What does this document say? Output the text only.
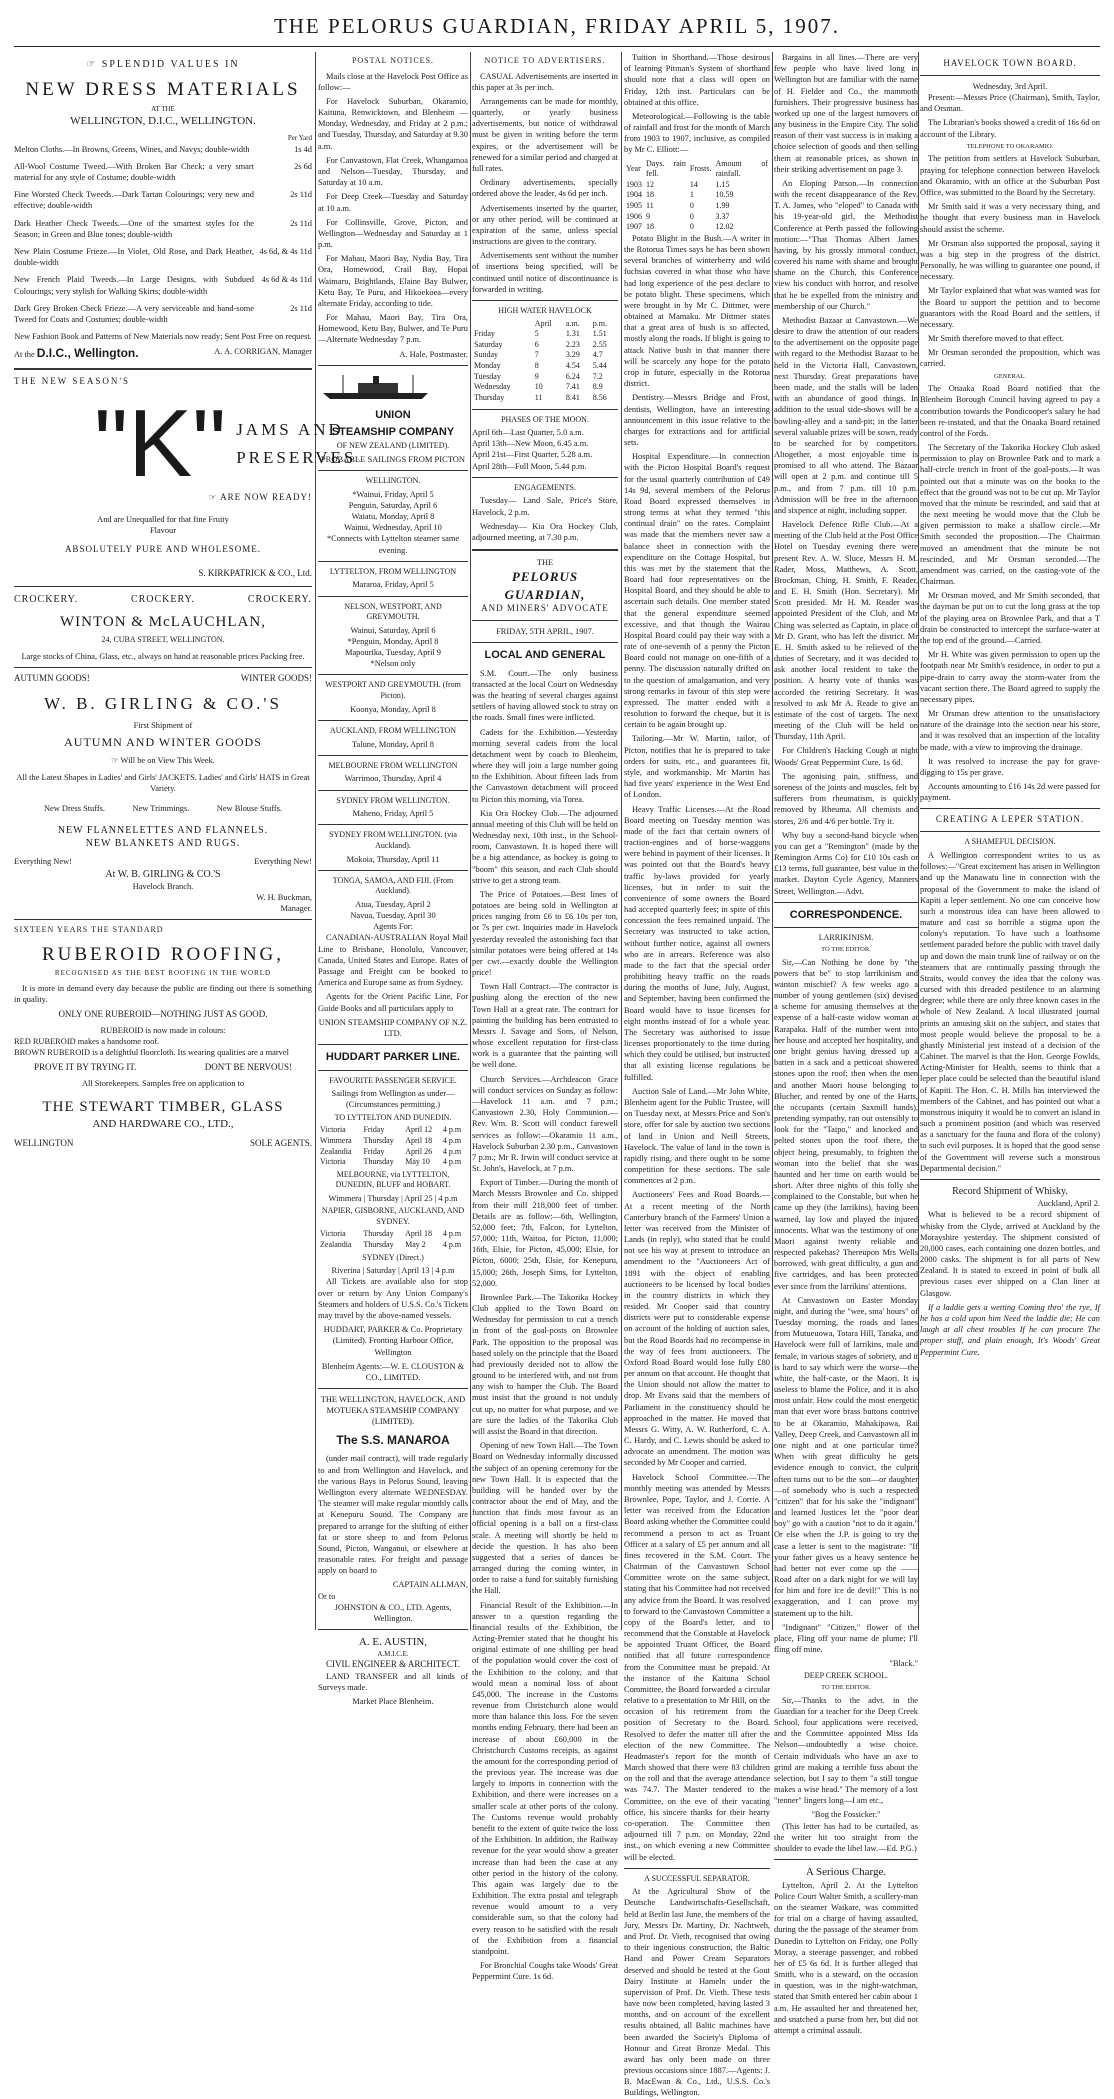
THE PELORUS GUARDIAN, FRIDAY APRIL 5, 1907.
☞ SPLENDID VALUES IN
NEW DRESS MATERIALS
AT THE
WELLINGTON, D.I.C., WELLINGTON.
Per Yard
Melton Cloths.—In Browns, Greens, Wines, and Navys; double-width	1s 4d
All-Wool Costume Tweed.—With Broken Bar Check; a very smart material for any style of Costume; double-width
2s 6d
Fine Worsted Check Tweeds.—Dark Tartan Colourings; very new and effective; double-width
2s 11d
Dark Heather Check Tweeds.—One of the smartest styles for the Season; in Green and Blue tones; double-width
2s 11d
New Plain Costume Frieze.—In Violet, Old Rose, and Dark Heather, double-width
4s 6d, & 4s 11d
New French Plaid Tweeds.—In Large Designs, with Subdued Colourings; very stylish for Walking Skirts; double-width
4s 6d & 4s 11d
Dark Grey Broken Check Frieze.—A very serviceable and hand-some Tweed for Coats and Costumes; double-width
2s 11d
New Fashion Book and Patterns of New Materials now ready; Sent Post Free on request.
At the D.I.C., Wellington.	A. A. CORRIGAN, Manager
THE NEW SEASON'S
"K" JAMS AND
PRESERVES
☞ ARE NOW READY!
And are Unequalled for that fine Fruity Flavour
ABSOLUTELY PURE AND WHOLESOME.
S. KIRKPATRICK & CO., Ltd.
CROCKERY.	CROCKERY.	CROCKERY.
WINTON & McLAUCHLAN,
24, CUBA STREET, WELLINGTON.
Large stocks of China, Glass, etc., always on hand at reasonable prices Packing free.
AUTUMN GOODS!	WINTER GOODS!
W. B. GIRLING & CO.'S
First Shipment of
AUTUMN AND WINTER GOODS
☞ Will be on View This Week.
All the Latest Shapes in Ladies' and Girls' JACKETS. Ladies' and Girls' HATS in Great Variety.
New Dress Stuffs.	New Trimmings.	New Blouse Stuffs.
NEW FLANNELETTES AND FLANNELS.
NEW BLANKETS AND RUGS.
Everything New!	Everything New!
At W. B. GIRLING & CO.'S
Havelock Branch.
W. H. Buckman,
Manager.
SIXTEEN YEARS THE STANDARD
RUBEROID ROOFING,
RECOGNISED AS THE BEST ROOFING IN THE WORLD

It is more in demand every day because the public are finding out there is something in quality.

ONLY ONE RUBEROID—NOTHING JUST AS GOOD.
RUBEROID is now made in colours:
RED RUBEROID makes a handsome roof.
BROWN RUBEROID is a delightful floorcloth. Its wearing qualities are a marvel
PROVE IT BY TRYING IT.	DON'T BE NERVOUS!
All Storekeepers. Samples free on application to
THE STEWART TIMBER, GLASS
AND HARDWARE CO., LTD.,
WELLINGTON	SOLE AGENTS.
POSTAL NOTICES.

Mails close at the Havelock Post Office as follow:—

For Havelock Suburban, Okaramio, Kaituna, Renwicktown, and Blenheim —Monday, Wednesday, and Friday at 2 p.m.; and Tuesday, Thursday, and Saturday at 9.30 a.m.

For Canvastown, Flat Creek, Whangamoa and Nelson—Tuesday, Thursday, and Saturday at 10 a.m.

For Deep Creek—Tuesday and Saturday at 10 a.m.

For Collinsville, Grove, Picton, and Wellington—Wednesday and Saturday at 1 p.m.

For Mahau, Maori Bay, Nydia Bay, Tira Ora, Homewood, Crail Bay, Hopai Waimaru, Brightlands, Elaine Bay Bulwer, Ketu Bay, Te Puru, and Hikoekoea—every alternate Friday, according to tide.

For Mahau, Maori Bay, Tira Ora, Homewood, Ketu Bay, Bulwer, and Te Puru—Alternate Wednesday 7 p.m.

A. Hale, Postmaster.
UNION
STEAMSHIP COMPANY
OF NEW ZEALAND (LIMITED).
PROBABLE SAILINGS FROM PICTON
WELLINGTON.
*Wainui, Friday, April 5
Penguin, Saturday, April 6
Waiatu, Monday, April 8
Wainui, Wednesday, April 10
*Connects with Lyttelton steamer same evening.
LYTTELTON, FROM WELLINGTON
Mararoa, Friday, April 5
NELSON, WESTPORT, AND GREYMOUTH.
Wainui, Saturday, April 6
*Penguin, Monday, April 8
Mapourika, Tuesday, April 9
*Nelson only
WESTPORT AND GREYMOUTH. (from Picton).
Koonya, Monday, April 8
AUCKLAND, FROM WELLINGTON
Talune, Monday, April 8
MELBOURNE FROM WELLINGTON
Warrimoo, Thursday, April 4
SYDNEY FROM WELLINGTON.
Maheno, Friday, April 5
SYDNEY FROM WELLINGTON. (via Auckland).
Mokoia, Thursday, April 11
TONGA, SAMOA, AND FIJI. (From Auckland).
Atua, Tuesday, April 2
Navua, Tuesday, April 30
Agents For:

CANADIAN-AUSTRALIAN Royal Mail Line to Brisbane, Honolulu, Vancouver, Canada, United States and Europe. Rates of Passage and Freight can be booked to America and Europe same as from Sydney.

Agents for the Orient Pacific Line, For Guide Books and all particulars apply to

UNION STEAMSHIP COMPANY OF N.Z. LTD.
HUDDART PARKER LINE.
FAVOURITE PASSENGER SERVICE.
Sailings from Wellington as under—(Circumstances permitting.)
TO LYTTELTON AND DUNEDIN.
Victoria	Friday	April 12	4 p.m
Wimmera	Thursday	April 18	4 p.m
Zealandia	Friday	April 26	4 p.m
Victoria	Thursday	May 10	4 p.m
MELBOURNE, via LYTTELTON, DUNEDIN, BLUFF and HOBART.
Wimmera | Thursday | April 25 | 4 p.m
NAPIER, GISBORNE, AUCKLAND, AND SYDNEY.
Victoria	Thursday	April 18	4 p.m
Zealandia	Thursday	May 2	4 p.m
SYDNEY (Direct.)
Riverina | Saturday | April 13 | 4 p.m

All Tickets are available also for stop over or return by Any Union Company's Steamers and holders of U.S.S. Co.'s Tickets may travel by the above-named vessels.

HUDDART, PARKER & Co. Proprietary (Limited). Fronting Harbour Office, Wellington
Blenheim Agents:—W. E. CLOUSTON & CO., LIMITED.
THE WELLINGTON, HAVELOCK, AND MOTUEKA STEAMSHIP COMPANY (LIMITED).
The S.S. MANAROA

(under mail contract), will trade regularly to and from Wellington and Havelock, and the various Bays in Pelorus Sound, leaving Wellington every alternate WEDNESDAY. The steamer will make regular monthly calls at Kenepuru Sound. The Company are prepared to arrange for the shifting of either fat or store sheep to and from Pelorus Sound, Picton, Wanganui, or elsewhere at reasonable rates. For freight and passage apply on board to

CAPTAIN ALLMAN,
Or to
JOHNSTON & CO., LTD. Agents, Wellington.
A. E. AUSTIN,
A.M.I.C.E.
CIVIL ENGINEER & ARCHITECT.

LAND TRANSFER and all kinds of Surveys made.

Market Place Blenheim.
NOTICE TO ADVERTISERS.

CASUAL Advertisements are inserted in this paper at 3s per inch.

Arrangements can be made for monthly, quarterly, or yearly business advertisements, but notice of withdrawal must be given in writing before the term expires, or the advertisement will be renewed for a similar period and charged at full rates.

Ordinary advertisements, specially ordered above the leader, 4s 6d per inch.

Advertisements inserted by the quarter, or any other period, will be continued at expiration of the same, unless special instructions are given to the contrary.

Advertisements sent without the number of insertions being specified, will be continued until notice of discontinuance is forwarded in writing.

HIGH WATER HAVELOCK
	April	a.m.	p.m.
Friday	5	1.31	1.51
Saturday	6	2.23	2.55
Sunday	7	3.29	4.7
Monday	8	4.54	5.44
Tuesday	9	6.24	7.2
Wednesday	10	7.41	8.9
Thursday	11	8.41	8.56
PHASES OF THE MOON.
April 6th—Last Quarter, 5.0 a.m.
April 13th—New Moon, 6.45 a.m.
April 21st—First Quarter, 5.28 a.m.
April 28th—Full Moon, 5.44 p.m.
ENGAGEMENTS.

Tuesday— Land Sale, Price's Store, Havelock, 2 p.m.

Wednesday— Kia Ora Hockey Club, adjourned meeting, at 7.30 p.m.

THE
PELORUS GUARDIAN,
AND MINERS' ADVOCATE
FRIDAY, 5TH APRIL, 1907.
LOCAL AND GENERAL

S.M. Court.—The only business transacted at the local Court on Wednesday was the hearing of several charges against settlers of having allowed stock to stray on the roads. Small fines were inflicted.

Cadets for the Exhibition.—Yesterday morning several cadets from the local detachment went by coach to Blenheim, where they will join a large number going to the Exhibition. About fifteen lads from the Canvastown detachment will proceed to Picton this morning, via Torea.

Kia Ora Hockey Club.—The adjourned annual meeting of this Club will be held on Wednesday next, 10th inst., in the School-room, Canvastown. It is hoped there will be a big attendance, as hockey is going to "boom" this season, and each Club should strive to get a strong team.

The Price of Potatoes.—Best lines of potatoes are being sold in Wellington at prices ranging from £6 to £6 10s per ton, or 7s per cwt. Inquiries made in Havelock yesterday revealed the astonishing fact that similar potatoes were being offered at 14s per cwt.—exactly double the Wellington price!

Town Hall Contract.—The contractor is pushing along the erection of the new Town Hall at a great rate. The contract for painting the building has been entrusted to Messrs J. Savage and Sons, of Nelson, whose excellent reputation for first-class work is a guarantee that the painting will be well done.

Church Services.—Archdeacon Grace will conduct services on Sunday as follow:—Havelock 11 a.m. and 7 p.m.; Canvastown 2.30, Holy Communion.—Rev. Wm. B. Scott will conduct farewell services as follow:—Okaramio 11 a.m., Havelock Suburban 2.30 p.m., Canvastown 7 p.m.; Mr R. Irwin will conduct service at St. John's, Havelock, at 7 p.m.

Export of Timber.—During the month of March Messrs Brownlee and Co. shipped from their mill 218,000 feet of timber. Details are as follow:—6th, Wellington, 52,000 feet; 7th, Falcon, for Lyttelton, 57,000; 11th, Waitoa, for Picton, 11,000; 16th, Elsie, for Picton, 45,000; Elsie, for Picton, 6000; 25th, Elsie, for Kenepuru, 15,000; 26th, Joseph Sims, for Lyttelton, 52,000.

Brownlee Park.—The Takorika Hockey Club applied to the Town Board on Wednesday for permission to cut a trench in front of the goal-posts on Brownlee Park. The opposition to the proposal was based solely on the principle that the Board had previously decided not to allow the ground to be interfered with, and not from any wish to hamper the Club. The Board must insist that the ground is not unduly cut up, no matter for what purpose, and we are sure the ladies of the Takorika Club will assist the Board in that direction.

Opening of new Town Hall.—The Town Board on Wednesday informally discussed the subject of an opening ceremony for the new Town Hall. It is expected that the building will be handed over by the contractor about the end of May, and the function that finds most favour as an official opening is a ball on a first-class scale. A meeting will shortly be held to decide the question. It has also been suggested that a series of dances be arranged during the coming winter, in order to raise a fund for suitably furnishing the Hall.

Financial Result of the Exhibition.—In answer to a question regarding the financial results of the Exhibition, the Acting-Premier stated that he thought his original estimate of one shilling per head of the population would cover the cost of the Exhibition to the colony, and that would mean a nominal loss of about £45,000. The increase in the Customs revenue from Christchurch alone would more than balance this loss. For the seven months ending February, there had been an increase of about £60,000 in the Christchurch Customs receipts, as against the amount for the corresponding period of the previous year. The increase was due largely to imports in connection with the Exhibition, and there were increases on a smaller scale at other ports of the colony. The Customs revenue would probably benefit to the extent of quite twice the loss of the Exhibition. In addition, the Railway revenue for the year would show a greater increase than had been the case at any other period in the history of the colony. This again was largely due to the Exhibition. The extra postal and telegraph revenue would amount to a very considerable sum, so that the colony had every reason to be satisfied with the result of the Exhibition from a financial standpoint.

For Bronchial Coughs take Woods' Great Peppermint Cure. 1s 6d.

Tuition in Shorthand.—Those desirous of learning Pitman's System of shorthand should note that a class will open on Friday, 12th inst. Particulars can be obtained at this office.

Meteorological.—Following is the table of rainfall and frost for the month of March from 1903 to 1907, inclusive, as compiled by Mr C. Elliott:—

Year	Days. rain fell.	Frosts.	Amount of rainfall.
1903	12	14	1.15
1904	18	1	10.59
1905	11	0	1.99
1906	9	0	3.37
1907	18	0	12.02

Potato Blight in the Bush.—A writer in the Rotorua Times says he has been shown several branches of winterberry and wild fuchsias covered in what those who have had long experience of the pest declare to be potato blight. These specimens, which were brought in by Mr C. Dittmer, were obtained at Mamaku. Mr Dittmer states that a great area of bush is so affected, mostly along the roads. If blight is going to attack Native bush in that manner there will be scarcely any hope for the potato crop in future, especially in the Rotorua district.

Dentistry.—Messrs Bridge and Frost, dentists, Wellington, have an interesting announcement in this issue relative to the charges for extractions and for artificial sets.

Hospital Expenditure.—In connection with the Picton Hospital Board's request for the usual quarterly contribution of £49 14s 9d, several members of the Pelorus Road Board expressed themselves in strong terms at what they termed "this continual drain" on the rates. Complaint was made that the members never saw a balance sheet in connection with the expenditure on the Cottage Hospital, but this was met by the statement that the Board had four representatives on the Hospital Board, and they should be able to ascertain such details. One member stated that the general expenditure seemed excessive, and that though the Wairau Hospital Board could pay their way with a rate of one-seventh of a penny the Picton Board could not manage on one-fifth of a penny. The discussion naturally drifted on to the question of amalgamation, and very strong remarks in favour of this step were expressed. The matter ended with a resolution to forward the cheque, but it is certain to be again brought up.

Tailoring.—Mr W. Martin, tailor, of Picton, notifies that he is prepared to take orders for suits, etc., and guarantees fit, style, and workmanship. Mr Martin has had five years' experience in the West End of London.

Heavy Traffic Licenses.—At the Road Board meeting on Tuesday mention was made of the fact that certain owners of traction-engines and of horse-waggons were behind in payment of their licenses. It was pointed out that the Board's heavy traffic by-laws provided for yearly licenses, but in order to suit the convenience of some owners the Board had accepted quarterly fees; in spite of this concession the fees remained unpaid. The Secretary was instructed to take action, without further notice, against all owners who are in arrears. Reference was also made to the fact that the special order prohibiting heavy traffic on the roads during the months of June, July, August, and September, having been confirmed the Board would have to issue licenses for eight months instead of for a whole year. The Secretary was authorised to issue licenses proportionately to the time during which they could be utilised, but instructed that all existing license regulations be fulfilled.

Auction Sale of Land.—Mr John White, Blenheim agent for the Public Trustee, will on Tuesday next, at Messrs Price and Son's store, offer for sale by auction two sections of land in Union and Neill Streets, Havelock. The value of land in the town is rapidly rising, and there ought to be some competition for these sections. The sale commences at 2 p.m.

Auctioneers' Fees and Road Boards.—At a recent meeting of the North Canterbury branch of the Farmers' Union a letter was received from the Minister of Lands (in reply), who stated that he could not see his way at present to introduce an amendment to the "Auctioneers Act of 1891 with the object of enabling auctioneers to be licensed by local bodies in the country districts in which they resided. Mr Cooper said that country districts were put to considerable expense on account of the holding of auction sales, but the Road Boards had no recompense in the way of fees from auctioneers. The Oxford Road Board would lose fully £80 per annum on that account. He thought that the Union should not allow the matter to drop. Mr Evans said that the members of Parliament in the constituency should be approached in the matter. He moved that Messrs G. Witty, A. W. Rutherford, C. A. C. Hardy, and C. Lewis should be asked to advocate an amendment. The motion was seconded by Mr Cooper and carried.

Havelock School Committee.—The monthly meeting was attended by Messrs Brownlee, Pope, Taylor, and J. Corrie. A letter was received from the Education Board asking whether the Committee could recommend a person to act as Truant Officer at a salary of £5 per annum and all fines recovered in the S.M. Court. The Chairman of the Canvastown School Committee wrote on the same subject, stating that his Committee had not received any advice from the Board. It was resolved to forward to the Canvastown Committee a copy of the Board's letter, and to recommend that the Constable at Havelock be appointed Truant Officer, the Board notified that all future correspondence from the Committee must be prepaid. At the instance of the Kaituna School Committee, the Board forwarded a circular relative to a presentation to Mr Hill, on the occasion of his retirement from the position of Secretary to the Board. Resolved to defer the matter till after the election of the new Committee. The Headmaster's report for the month of March showed that there were 83 children on the roll and that the average attendance was 74.7. The Master tendered to the Committee, on the eve of their vacating office, his sincere thanks for their hearty co-operation. The Committee then adjourned till 7 p.m. on Monday, 22nd inst., on which evening a new Committee will be elected.

A SUCCESSFUL SEPARATOR.

At the Agricultural Show of the Deutsche Landwirtschafts-Gesellschaft, held at Berlin last June, the members of the Jury, Messrs Dr. Martiny, Dr. Nachtweh, and Prof. Dr. Vieth, recognised that owing to their ingenious construction, the Baltic Hand and Power Cream Separators deserved and should be tested at the Gout Dairy Institute at Hameln under the supervision of Prof. Dr. Vieth. These tests have now been completed, having lasted 3 months, and on account of the excellent results obtained, all Baltic machines have been awarded the Society's Diploma of Honour and Great Bronze Medal. This award has only been made on three previous occasions since 1887.—Agents: J. B. MacEwan & Co., Ltd., U.S.S. Co.'s Buildings, Wellington.

Bargains in all lines.—There are very few people who have lived long in Wellington but are familiar with the name of H. Fielder and Co., the mammoth furnishers. Their progressive business has worked up one of the largest turnovers of any business in the Empire City. The solid reason of their vast success is in making a choice selection of goods and then selling them at reasonable prices, as shown in their striking advertisement on page 3.

An Eloping Parson.—In connection with the recent disappearance of the Rev. T. A. James, who "eloped" to Canada with his 19-year-old girl, the Methodist Conference at Perth passed the following motion:—"That Thomas Albert James having, by his grossly immoral conduct, covered his name with shame and brought shame on the Church, this Conference view his conduct with horror, and resolve that he be expelled from the ministry and membership of our Church."

Methodist Bazaar at Canvastown.—We desire to draw the attention of our readers to the advertisement on the opposite page with regard to the Methodist Bazaar to be held in the Victoria Hall, Canvastown, next Thursday. Great preparations have been made, and the stalls will be laden with an abundance of good things. In addition to the usual side-shows will be a bowling-alley and a sand-pit; in the latter several valuable prizes will be sown, ready to be searched for by competitors. Altogether, a most enjoyable time is promised to all who attend. The Bazaar will open at 2 p.m. and continue till 5 p.m., and from 7 p.m. till 10 p.m. Admission will be free in the afternoon and sixpence at night, including supper.

Havelock Defence Rifle Club.—At a meeting of the Club held at the Post Office Hotel on Tuesday evening there were present Rev. A. W. Sluce, Messrs H. M. Rader, Moss, Matthews, A. Scott, Brockman, Ching, H. Smith, F. Reader, and E. H. Smith (Hon. Secretary). Mr Scott presided. Mr H. M. Reader was appointed President of the Club, and Mr Ching was selected as Captain, in place of Mr D. Grant, who has left the district. Mr E. H. Smith asked to be relieved of the duties of Secretary, and it was decided to ask another local resident to take the position. A hearty vote of thanks was accorded the retiring Secretary. It was resolved to ask Mr A. Reade to give an estimate of the cost of targets. The next meeting of the Club will be held on Thursday, 11th April.

For Children's Hacking Cough at night Woods' Great Peppermint Cure. 1s 6d.

The agonising pain, stiffness, and soreness of the joints and muscles, felt by sufferers from rheumatism, is quickly removed by Rheuma. All chemists and stores, 2/6 and 4/6 per bottle. Try it.

Why buy a second-hand bicycle when you can get a "Remington" (made by the Remington Arms Co) for £10 10s cash or £13 terms, full guarantee, best value in the market. Dayton Cycle Agency, Manners Street, Wellington.—Advt.

CORRESPONDENCE.
LARRIKINISM.
TO THE EDITOR.

Sir,—Can Nothing be done by "the powers that be" to stop larrikinism and wanton mischief? A few weeks ago a number of young gentlemen (six) devised a scheme for amusing themselves at the expense of a half-caste widow woman at Rarapaka. Half of the number went into her house and accepted her hospitality, and one bright genius having dressed up a batten in a sack and a petticoat showered stones upon the roof; then when the men and another Maori house belonging to Blucher, and rented by one of the Harts, the occupants (certain Saxmill hands), pretending sympathy, ran out ostensibly to look for the "Taipo," and knocked and pelted stones upon the roof there, the object being, presumably, to frighten the woman into the belief that she was haunted and her time on earth would be short. After three nights of this folly she complained to the Constable, but when he came up they (the larrikins), having been warned, lay low and played the injured innocents. What was the testimony of one Maori against twenty reliable and respected pakehas? Thereupon Mrs Wells borrowed, with great difficulty, a gun and five cartridges, and has been protected ever since from the larrikins' attentions.

At Canvastown on Easter Monday night, and during the "wee, sma' hours" of Tuesday morning, the roads and lanes from Mutueuowa, Totara Hill, Tanaka, and Havelock were full of larrikins, male and female, in various stages of sobriety, and it is hard to say which were the worse—the white, the half-caste, or the Maori. It is useless to blame the Police, and it is also most unfair. How could the most energetic man that ever wore brass buttons contrive to be at Okaramio, Mahakipawa, Rai Valley, Deep Creek, and Canvastown all in one night and at one particular time? When with great difficulty he gets evidence enough to convict, the culprit often turns out to be the son—or daughter—of somebody who is such a respected "citizen" that for his sake the "indignant" and learned Justices let the "poor dear boy" go with a caution "not to do it again." Or else when the J.P. is going to try the case a letter is sent to the magistrate: "If your father gives us a heavy sentence he had better not ever come up the —— Road after on a dark night for we will lay for him and fore ice de devil!" This is no exaggeration, and I can prove my statement up to the hilt.

"Indignant" "Citizen," flower of the place, Fling off your name de plume; I'll fling off mine.

"Black."
DEEP CREEK SCHOOL.
TO THE EDITOR.

Sir,—Thanks to the advt. in the Guardian for a teacher for the Deep Creek School, four applications were received, and the Committee appointed Miss Ida Nelson—undoubtedly a wise choice. Certain individuals who have an axe to grind are making a terrible fuss about the selection, but I say to them "a still tongue makes a wise head." The memory of a lost "tenner" lingers long—I am etc.,

"Bog the Fossicker."

(This letter has had to be curtailed, as the writer hit too straight from the shoulder to evade the libel law.—Ed. P.G.)

A Serious Charge.

Lyttelton, April 2. At the Lyttelton Police Court Walter Smith, a scullery-man on the steamer Waikare, was committed for trial on a charge of having assaulted, during the the passage of the steamer from Dunedin to Lyttelton on Friday, one Polly Moray, a steerage passenger, and robbed her of £5 6s 6d. It is further alleged that Smith, who is a steward, on the occasion in question, was in the night-watchman, stated that Smith entered her cabin about 1 a.m. He assaulted her and threatened her, and snatched a purse from her, but did not attempt a criminal assault.

HAVELOCK TOWN BOARD.
Wednesday, 3rd April.

Present:—Messrs Price (Chairman), Smith, Taylor, and Orsman.

The Librarian's books showed a credit of 16s 6d on account of the Library.

TELEPHONE TO OKARAMIO.

The petition from settlers at Havelock Suburban, praying for telephone connection between Havelock and Okaramio, with an office at the Suburban Post Office, was submitted to the Board by the Secretary.

Mr Smith said it was a very necessary thing, and he thought that every business man in Havelock should assist the scheme.

Mr Orsman also supported the proposal, saying it was a big step in the progress of the district. Personally, he was willing to guarantee one pound, if necessary.

Mr Taylor explained that what was wanted was for the Board to support the petition and to become guarantors with the Road Board and the settlers, if necessary.

Mr Smith therefore moved to that effect.

Mr Orsman seconded the proposition, which was carried.

GENERAL.

The Onaaka Road Board notified that the Blenheim Borough Council having agreed to pay a contribution towards the Pondicooper's salary he had been re-instated, and that the Onaaka Board retained control of the Fords.

The Secretary of the Takorika Hockey Club asked permission to play on Brownlee Park and to mark a half-circle trench in front of the goal-posts.—It was pointed out that a minute was on the books to the effect that the ground was not to be cut up. Mr Taylor moved that the minute be rescinded, and said that at the next meeting he would move that the Club be given permission to make a shallow circle.—Mr Smith seconded the proposition.—The Chairman moved an amendment that the minute be not rescinded, and Mr Orsman seconded.—The amendment was carried, on the casting-vote of the Chairman.

Mr Orsman moved, and Mr Smith seconded, that the dayman be put on to cut the long grass at the top of the playing area on Brownlee Park, and that a T drain be constructed to intercept the surface-water at the top end of the ground.—Carried.

Mr H. White was given permission to open up the footpath near Mr Smith's residence, in order to put a pipe-drain to carry away the storm-water from the vacant section there. The Board agreed to supply the necessary pipes.

Mr Orsman drew attention to the unsatisfactory nature of the drainage into the section near his store, and it was resolved that an inspection of the locality be made, with a view to improving the drainage.

It was resolved to increase the pay for grave-digging to 15s per grave.

Accounts amounting to £16 14s 2d were passed for payment.

CREATING A LEPER STATION.
A SHAMEFUL DECISION.

A Wellington correspondent writes to us as follows:—"Great excitement has arisen in Wellington and up the Manawatu line in connection with the proposal of the Government to make the island of Kapiti a leper settlement. No one can conceive how such a monstrous idea can have been allowed to mature and cast so horrible a stigma upon the colony's reputation. To have such a loathsome settlement paraded before the public with travel daily up and down the main trunk line of railway or on the steamers that are continually passing through the Straits, would convey the idea that the colony was cursed with this dreaded pestilence to an alarming degree; while there are only three known cases in the whole of New Zealand. A local illustrated journal prints an amusing skit on the subject, and states that most people would believe the proposal to be a ghastly Ministerial jest instead of a decision of the Cabinet. The marvel is that the Hon. George Fowlds, Acting-Minister for Health, seems to think that a leper place could be selected than the beautiful island of Kapiti. The Hon. C. H. Mills has interviewed the members of the Cabinet, and has pointed out what a monstrous iniquity it would be to convert an island in such a prominent position (and which was reserved as a sanctuary for the fauna and flora of the colony) to such evil purposes. It is hoped that the good sense of the Government will reverse such a monstrous Departmental decision."

Record Shipment of Whisky.
Auckland, April 2.

What is believed to be a record shipment of whisky from the Clyde, arrived at Auckland by the Morayshire yesterday. The shipment consisted of 20,000 cases, each containing one dozen bottles, and 2000 casks. The shipment is for all parts of New Zealand. It is stated to exceed in point of bulk all previous cases ever shipped on a Clan liner at Glasgow.

If a laddie gets a wetting Coming thro' the rye, If he has a cold upon him Need the laddie die; He can laugh at all chest troubles If he can procure The proper stuff, and plain enough, It's Woods' Great Peppermint Cure.
